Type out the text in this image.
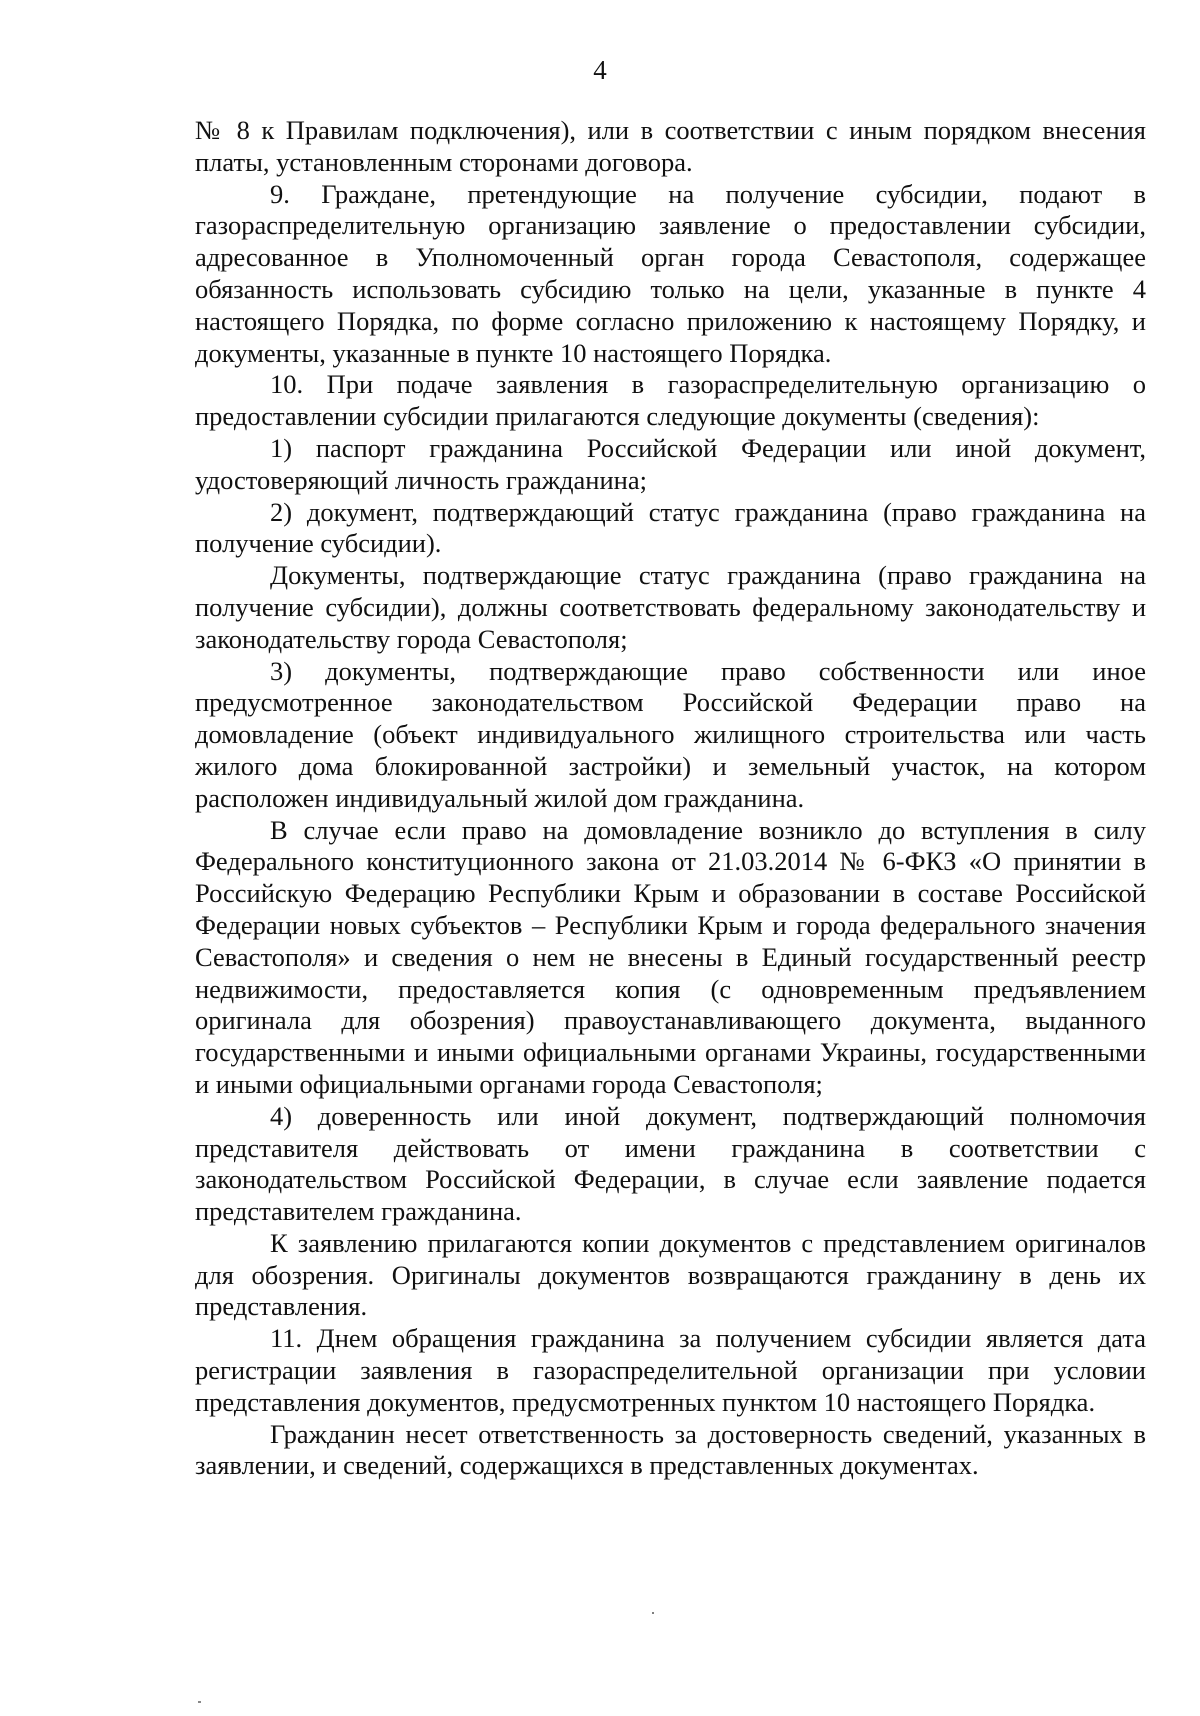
4

№ 8 к Правилам подключения), или в соответствии с иным порядком внесения платы, установленным сторонами договора.

9. Граждане, претендующие на получение субсидии, подают в газораспределительную организацию заявление о предоставлении субсидии, адресованное в Уполномоченный орган города Севастополя, содержащее обязанность использовать субсидию только на цели, указанные в пункте 4 настоящего Порядка, по форме согласно приложению к настоящему Порядку, и документы, указанные в пункте 10 настоящего Порядка.

10. При подаче заявления в газораспределительную организацию о предоставлении субсидии прилагаются следующие документы (сведения):

1) паспорт гражданина Российской Федерации или иной документ, удостоверяющий личность гражданина;

2) документ, подтверждающий статус гражданина (право гражданина на получение субсидии).

Документы, подтверждающие статус гражданина (право гражданина на получение субсидии), должны соответствовать федеральному законодательству и законодательству города Севастополя;

3) документы, подтверждающие право собственности или иное предусмотренное законодательством Российской Федерации право на домовладение (объект индивидуального жилищного строительства или часть жилого дома блокированной застройки) и земельный участок, на котором расположен индивидуальный жилой дом гражданина.

В случае если право на домовладение возникло до вступления в силу Федерального конституционного закона от 21.03.2014 № 6-ФКЗ «О принятии в Российскую Федерацию Республики Крым и образовании в составе Российской Федерации новых субъектов – Республики Крым и города федерального значения Севастополя» и сведения о нем не внесены в Единый государственный реестр недвижимости, предоставляется копия (с одновременным предъявлением оригинала для обозрения) правоустанавливающего документа, выданного государственными и иными официальными органами Украины, государственными и иными официальными органами города Севастополя;

4) доверенность или иной документ, подтверждающий полномочия представителя действовать от имени гражданина в соответствии с законодательством Российской Федерации, в случае если заявление подается представителем гражданина.

К заявлению прилагаются копии документов с представлением оригиналов для обозрения. Оригиналы документов возвращаются гражданину в день их представления.

11. Днем обращения гражданина за получением субсидии является дата регистрации заявления в газораспределительной организации при условии представления документов, предусмотренных пунктом 10 настоящего Порядка.

Гражданин несет ответственность за достоверность сведений, указанных в заявлении, и сведений, содержащихся в представленных документах.
